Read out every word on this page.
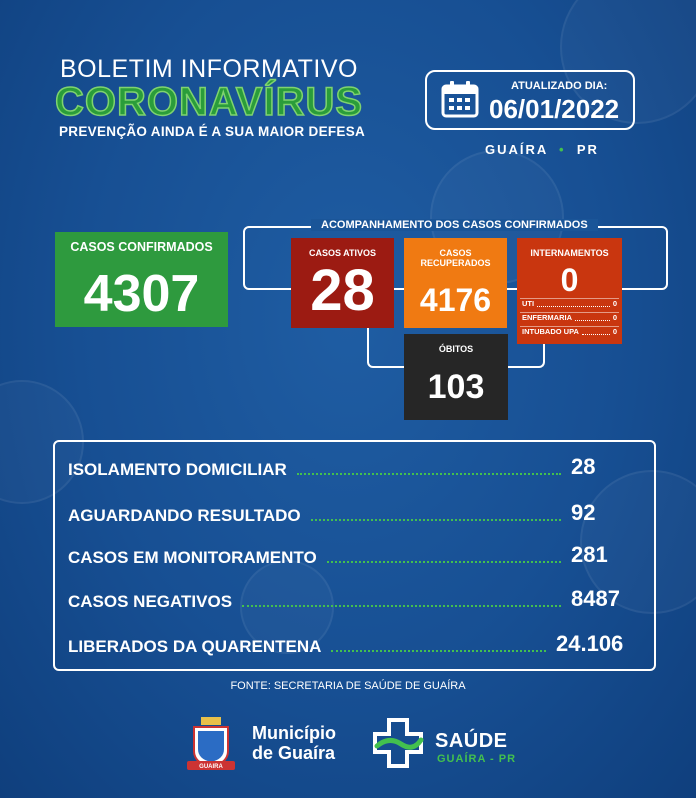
BOLETIM INFORMATIVO
CORONAVÍRUS
PREVENÇÃO AINDA É A SUA MAIOR DEFESA
ATUALIZADO DIA:
06/01/2022
GUAÍRA • PR
CASOS CONFIRMADOS
4307
ACOMPANHAMENTO DOS CASOS CONFIRMADOS
CASOS ATIVOS
28
CASOS RECUPERADOS
4176
INTERNAMENTOS
0
UTI	0
ENFERMARIA	0
INTUBADO UPA	0
ÓBITOS
103
ISOLAMENTO DOMICILIAR	28
AGUARDANDO RESULTADO	92
CASOS EM MONITORAMENTO	281
CASOS NEGATIVOS	8487
LIBERADOS DA QUARENTENA	24.106
FONTE: SECRETARIA DE SAÚDE DE GUAÍRA
GUAIRA
Município
de Guaíra
SAÚDE
GUAÍRA - PR
